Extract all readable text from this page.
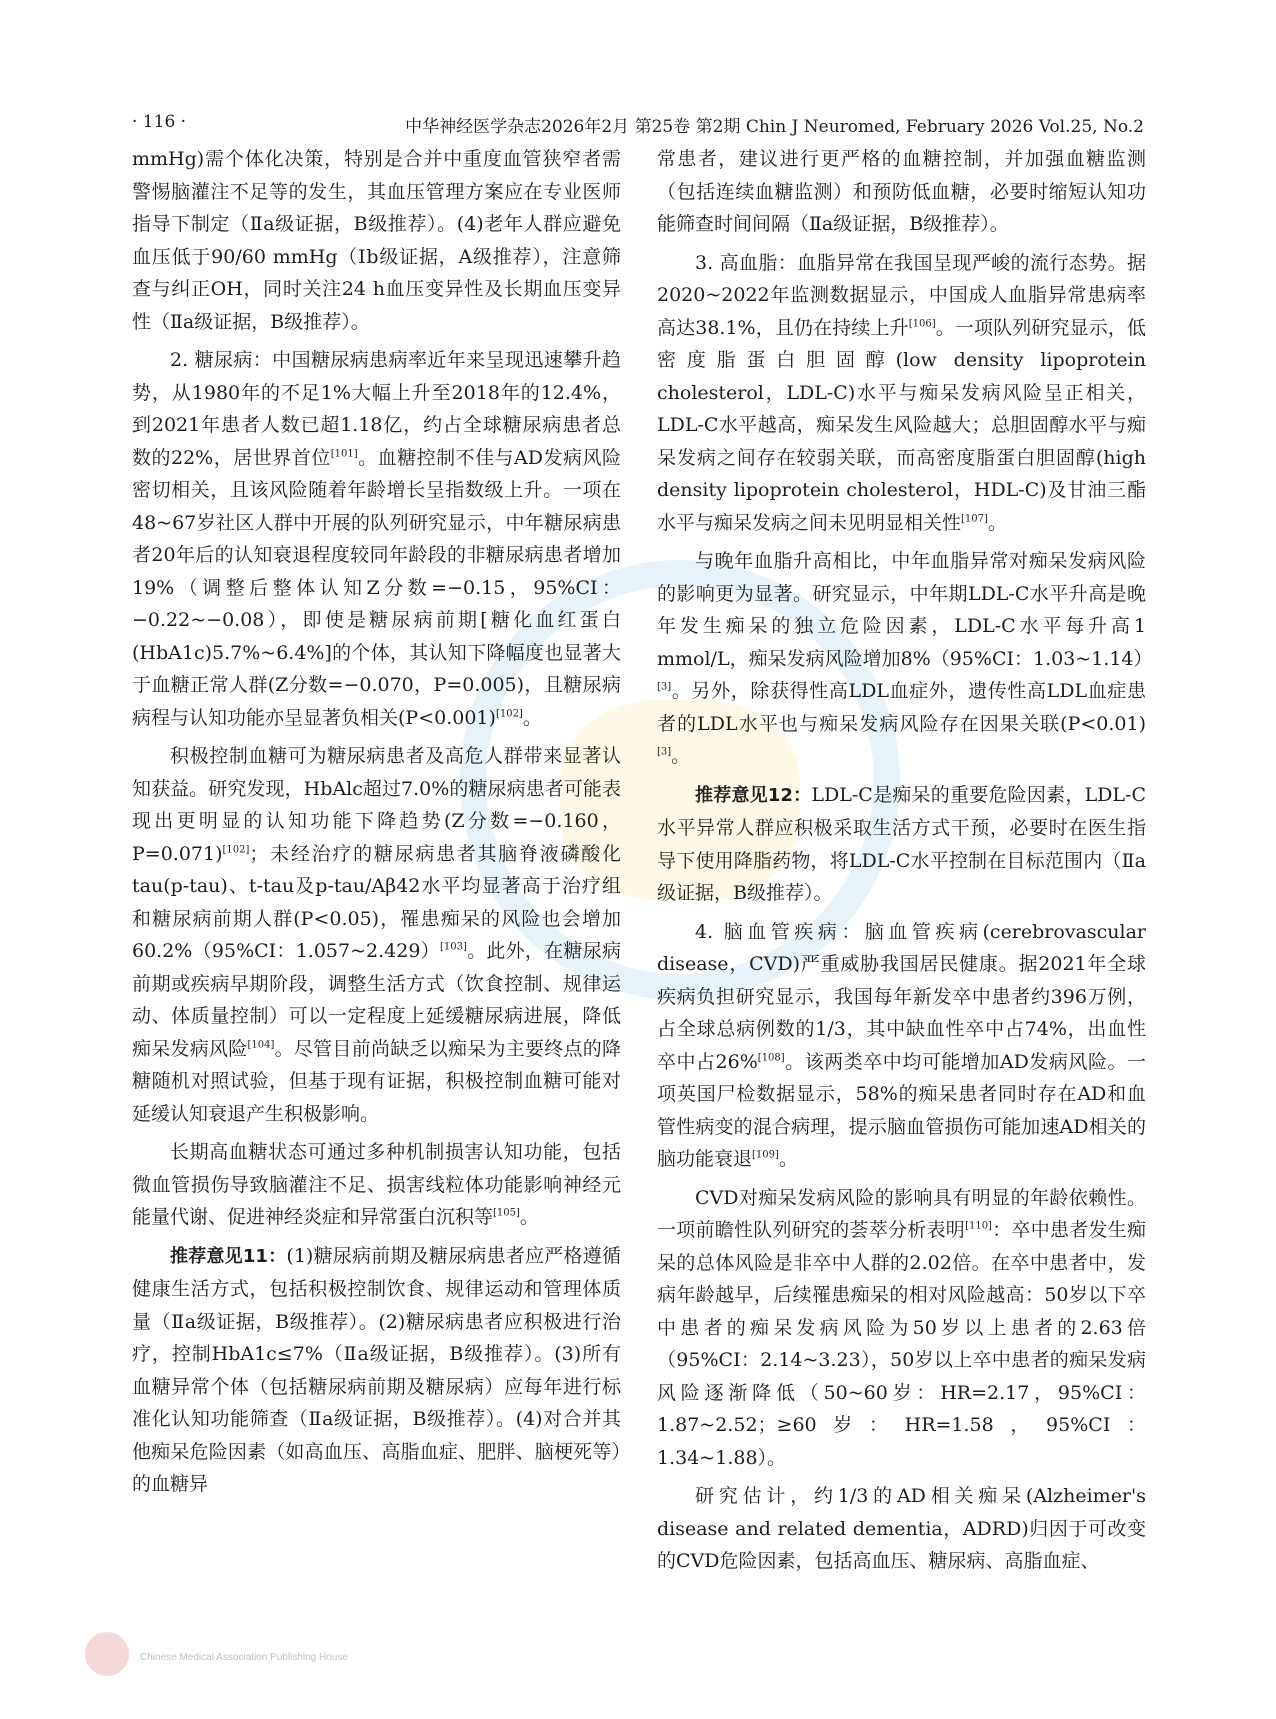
· 116 ·	中华神经医学杂志2026年2月 第25卷 第2期 Chin J Neuromed, February 2026 Vol.25, No.2

mmHg)需个体化决策，特别是合并中重度血管狭窄者需警惕脑灌注不足等的发生，其血压管理方案应在专业医师指导下制定（Ⅱa级证据，B级推荐）。(4)老年人群应避免血压低于90/60 mmHg（Ⅰb级证据，A级推荐），注意筛查与纠正OH，同时关注24 h血压变异性及长期血压变异性（Ⅱa级证据，B级推荐）。

2. 糖尿病：中国糖尿病患病率近年来呈现迅速攀升趋势，从1980年的不足1%大幅上升至2018年的12.4%，到2021年患者人数已超1.18亿，约占全球糖尿病患者总数的22%，居世界首位[101]。血糖控制不佳与AD发病风险密切相关，且该风险随着年龄增长呈指数级上升。一项在48~67岁社区人群中开展的队列研究显示，中年糖尿病患者20年后的认知衰退程度较同年龄段的非糖尿病患者增加19%（调整后整体认知Z分数=−0.15，95%CI：−0.22~−0.08），即使是糖尿病前期[糖化血红蛋白(HbA1c)5.7%~6.4%]的个体，其认知下降幅度也显著大于血糖正常人群(Z分数=−0.070，P=0.005)，且糖尿病病程与认知功能亦呈显著负相关(P<0.001)[102]。

积极控制血糖可为糖尿病患者及高危人群带来显著认知获益。研究发现，HbAlc超过7.0%的糖尿病患者可能表现出更明显的认知功能下降趋势(Z分数=−0.160，P=0.071)[102]；未经治疗的糖尿病患者其脑脊液磷酸化tau(p-tau)、t-tau及p-tau/Aβ42水平均显著高于治疗组和糖尿病前期人群(P<0.05)，罹患痴呆的风险也会增加60.2%（95%CI：1.057~2.429）[103]。此外，在糖尿病前期或疾病早期阶段，调整生活方式（饮食控制、规律运动、体质量控制）可以一定程度上延缓糖尿病进展，降低痴呆发病风险[104]。尽管目前尚缺乏以痴呆为主要终点的降糖随机对照试验，但基于现有证据，积极控制血糖可能对延缓认知衰退产生积极影响。

长期高血糖状态可通过多种机制损害认知功能，包括微血管损伤导致脑灌注不足、损害线粒体功能影响神经元能量代谢、促进神经炎症和异常蛋白沉积等[105]。

推荐意见11：(1)糖尿病前期及糖尿病患者应严格遵循健康生活方式，包括积极控制饮食、规律运动和管理体质量（Ⅱa级证据，B级推荐）。(2)糖尿病患者应积极进行治疗，控制HbA1c≤7%（Ⅱa级证据，B级推荐）。(3)所有血糖异常个体（包括糖尿病前期及糖尿病）应每年进行标准化认知功能筛查（Ⅱa级证据，B级推荐）。(4)对合并其他痴呆危险因素（如高血压、高脂血症、肥胖、脑梗死等）的血糖异

常患者，建议进行更严格的血糖控制，并加强血糖监测（包括连续血糖监测）和预防低血糖，必要时缩短认知功能筛查时间间隔（Ⅱa级证据，B级推荐）。

3. 高血脂：血脂异常在我国呈现严峻的流行态势。据2020~2022年监测数据显示，中国成人血脂异常患病率高达38.1%，且仍在持续上升[106]。一项队列研究显示，低密度脂蛋白胆固醇(low density lipoprotein cholesterol，LDL-C)水平与痴呆发病风险呈正相关，LDL-C水平越高，痴呆发生风险越大；总胆固醇水平与痴呆发病之间存在较弱关联，而高密度脂蛋白胆固醇(high density lipoprotein cholesterol，HDL-C)及甘油三酯水平与痴呆发病之间未见明显相关性[107]。

与晚年血脂升高相比，中年血脂异常对痴呆发病风险的影响更为显著。研究显示，中年期LDL-C水平升高是晚年发生痴呆的独立危险因素，LDL-C水平每升高1 mmol/L，痴呆发病风险增加8%（95%CI：1.03~1.14）[3]。另外，除获得性高LDL血症外，遗传性高LDL血症患者的LDL水平也与痴呆发病风险存在因果关联(P<0.01)[3]。

推荐意见12：LDL-C是痴呆的重要危险因素，LDL-C水平异常人群应积极采取生活方式干预，必要时在医生指导下使用降脂药物，将LDL-C水平控制在目标范围内（Ⅱa级证据，B级推荐）。

4. 脑血管疾病：脑血管疾病(cerebrovascular disease，CVD)严重威胁我国居民健康。据2021年全球疾病负担研究显示，我国每年新发卒中患者约396万例，占全球总病例数的1/3，其中缺血性卒中占74%，出血性卒中占26%[108]。该两类卒中均可能增加AD发病风险。一项英国尸检数据显示，58%的痴呆患者同时存在AD和血管性病变的混合病理，提示脑血管损伤可能加速AD相关的脑功能衰退[109]。

CVD对痴呆发病风险的影响具有明显的年龄依赖性。一项前瞻性队列研究的荟萃分析表明[110]：卒中患者发生痴呆的总体风险是非卒中人群的2.02倍。在卒中患者中，发病年龄越早，后续罹患痴呆的相对风险越高：50岁以下卒中患者的痴呆发病风险为50岁以上患者的2.63倍（95%CI：2.14~3.23），50岁以上卒中患者的痴呆发病风险逐渐降低（50~60岁：HR=2.17，95%CI：1.87~2.52；≥60岁：HR=1.58，95%CI：1.34~1.88）。

研究估计，约1/3的AD相关痴呆(Alzheimer's disease and related dementia，ADRD)归因于可改变的CVD危险因素，包括高血压、糖尿病、高脂血症、

Chinese Medical Association Publishing House
